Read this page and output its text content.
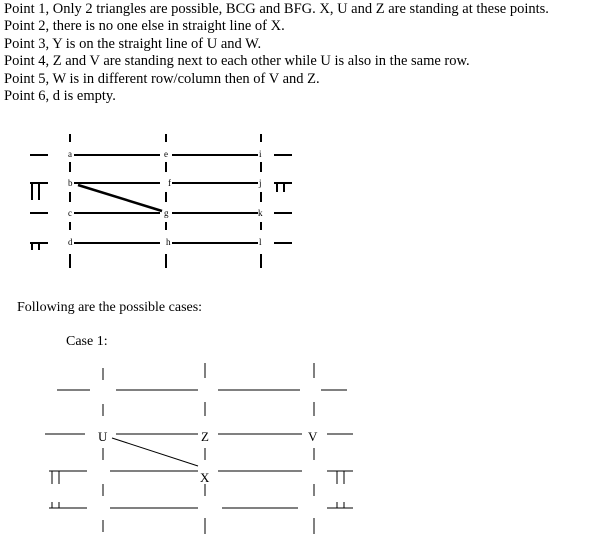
Point 1, Only 2 triangles are possible, BCG and BFG. X, U and Z are standing at these points.
Point 2, there is no one else in straight line of X.
Point 3, Y is on the straight line of U and W.
Point 4, Z and V are standing next to each other while U is also in the same row.
Point 5, W is in different row/column then of V and Z.
Point 6, d is empty.
a
b
c
d
e
f
g
h
i
j
k
l
Following are the possible cases:
Case 1:
U	Z	V
X
